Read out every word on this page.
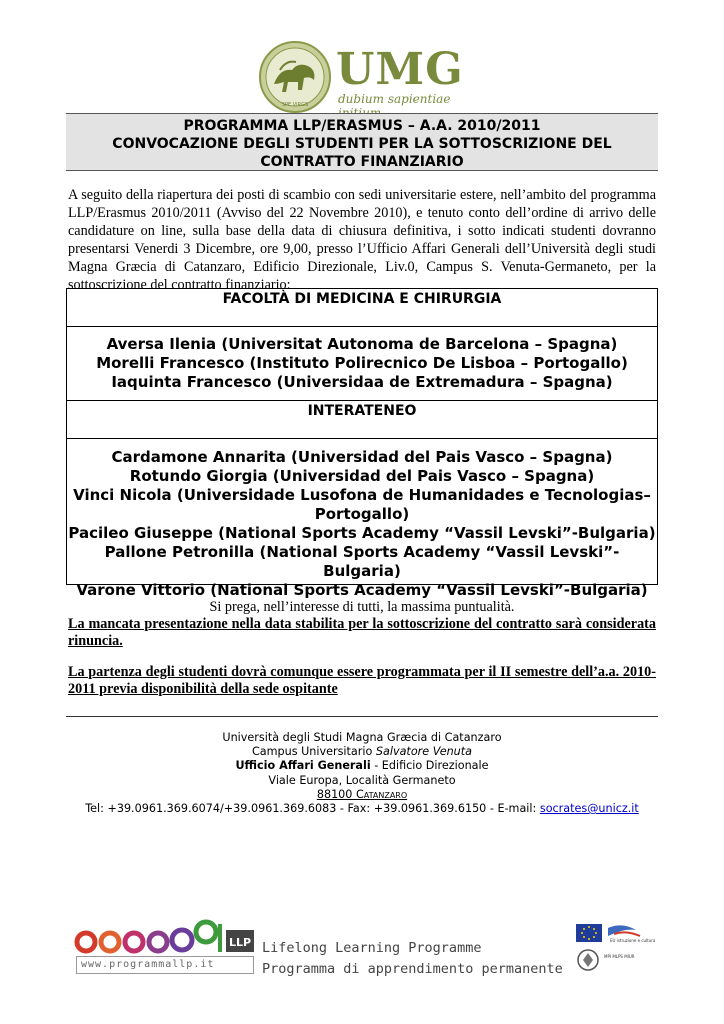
SPE VIRGS
UMG
dubium sapientiae
PROGRAMMA LLP/ERASMUS – A.A. 2010/2011
CONVOCAZIONE DEGLI STUDENTI PER LA SOTTOSCRIZIONE DEL
CONTRATTO FINANZIARIO

A seguito della riapertura dei posti di scambio con sedi universitarie estere, nell’ambito del programma LLP/Erasmus 2010/2011 (Avviso del 22 Novembre 2010), e tenuto conto dell’ordine di arrivo delle candidature on line, sulla base della data di chiusura definitiva, i sotto indicati studenti dovranno presentarsi Venerdi 3 Dicembre, ore 9,00, presso l’Ufficio Affari Generali dell’Università degli studi Magna Græcia di Catanzaro, Edificio Direzionale, Liv.0, Campus S. Venuta-Germaneto, per la sottoscrizione del contratto finanziario:

FACOLTÀ DI MEDICINA E CHIRURGIA
Aversa Ilenia (Universitat Autonoma de Barcelona – Spagna)
Morelli Francesco (Instituto Polirecnico De Lisboa – Portogallo)
Iaquinta Francesco (Universidaa de Extremadura – Spagna)
INTERATENEO
Cardamone Annarita (Universidad del Pais Vasco – Spagna)
Rotundo Giorgia (Universidad del Pais Vasco – Spagna)
Vinci Nicola (Universidade Lusofona de Humanidades e Tecnologias– Portogallo)
Pacileo Giuseppe (National Sports Academy “Vassil Levski”-Bulgaria)
Pallone Petronilla (National Sports Academy “Vassil Levski”-Bulgaria)
Varone Vittorio (National Sports Academy “Vassil Levski”-Bulgaria)
Si prega, nell’interesse di tutti, la massima puntualità.
La mancata presentazione nella data stabilita per la sottoscrizione del contratto sarà considerata rinuncia.
La partenza degli studenti dovrà comunque essere programmata per il II semestre dell’a.a. 2010-2011 previa disponibilità della sede ospitante
Università degli Studi Magna Græcia di Catanzaro
Campus Universitario Salvatore Venuta
Ufficio Affari Generali - Edificio Direzionale
Viale Europa, Località Germaneto
88100 Catanzaro
Tel: +39.0961.369.6074/+39.0961.369.6083 - Fax: +39.0961.369.6150 - E-mail: socrates@unicz.it
LLP
www.programmallp.it
Lifelong Learning Programme
Programma di apprendimento permanente
EU istruzione e cultura
MPI MLPS MIUR
